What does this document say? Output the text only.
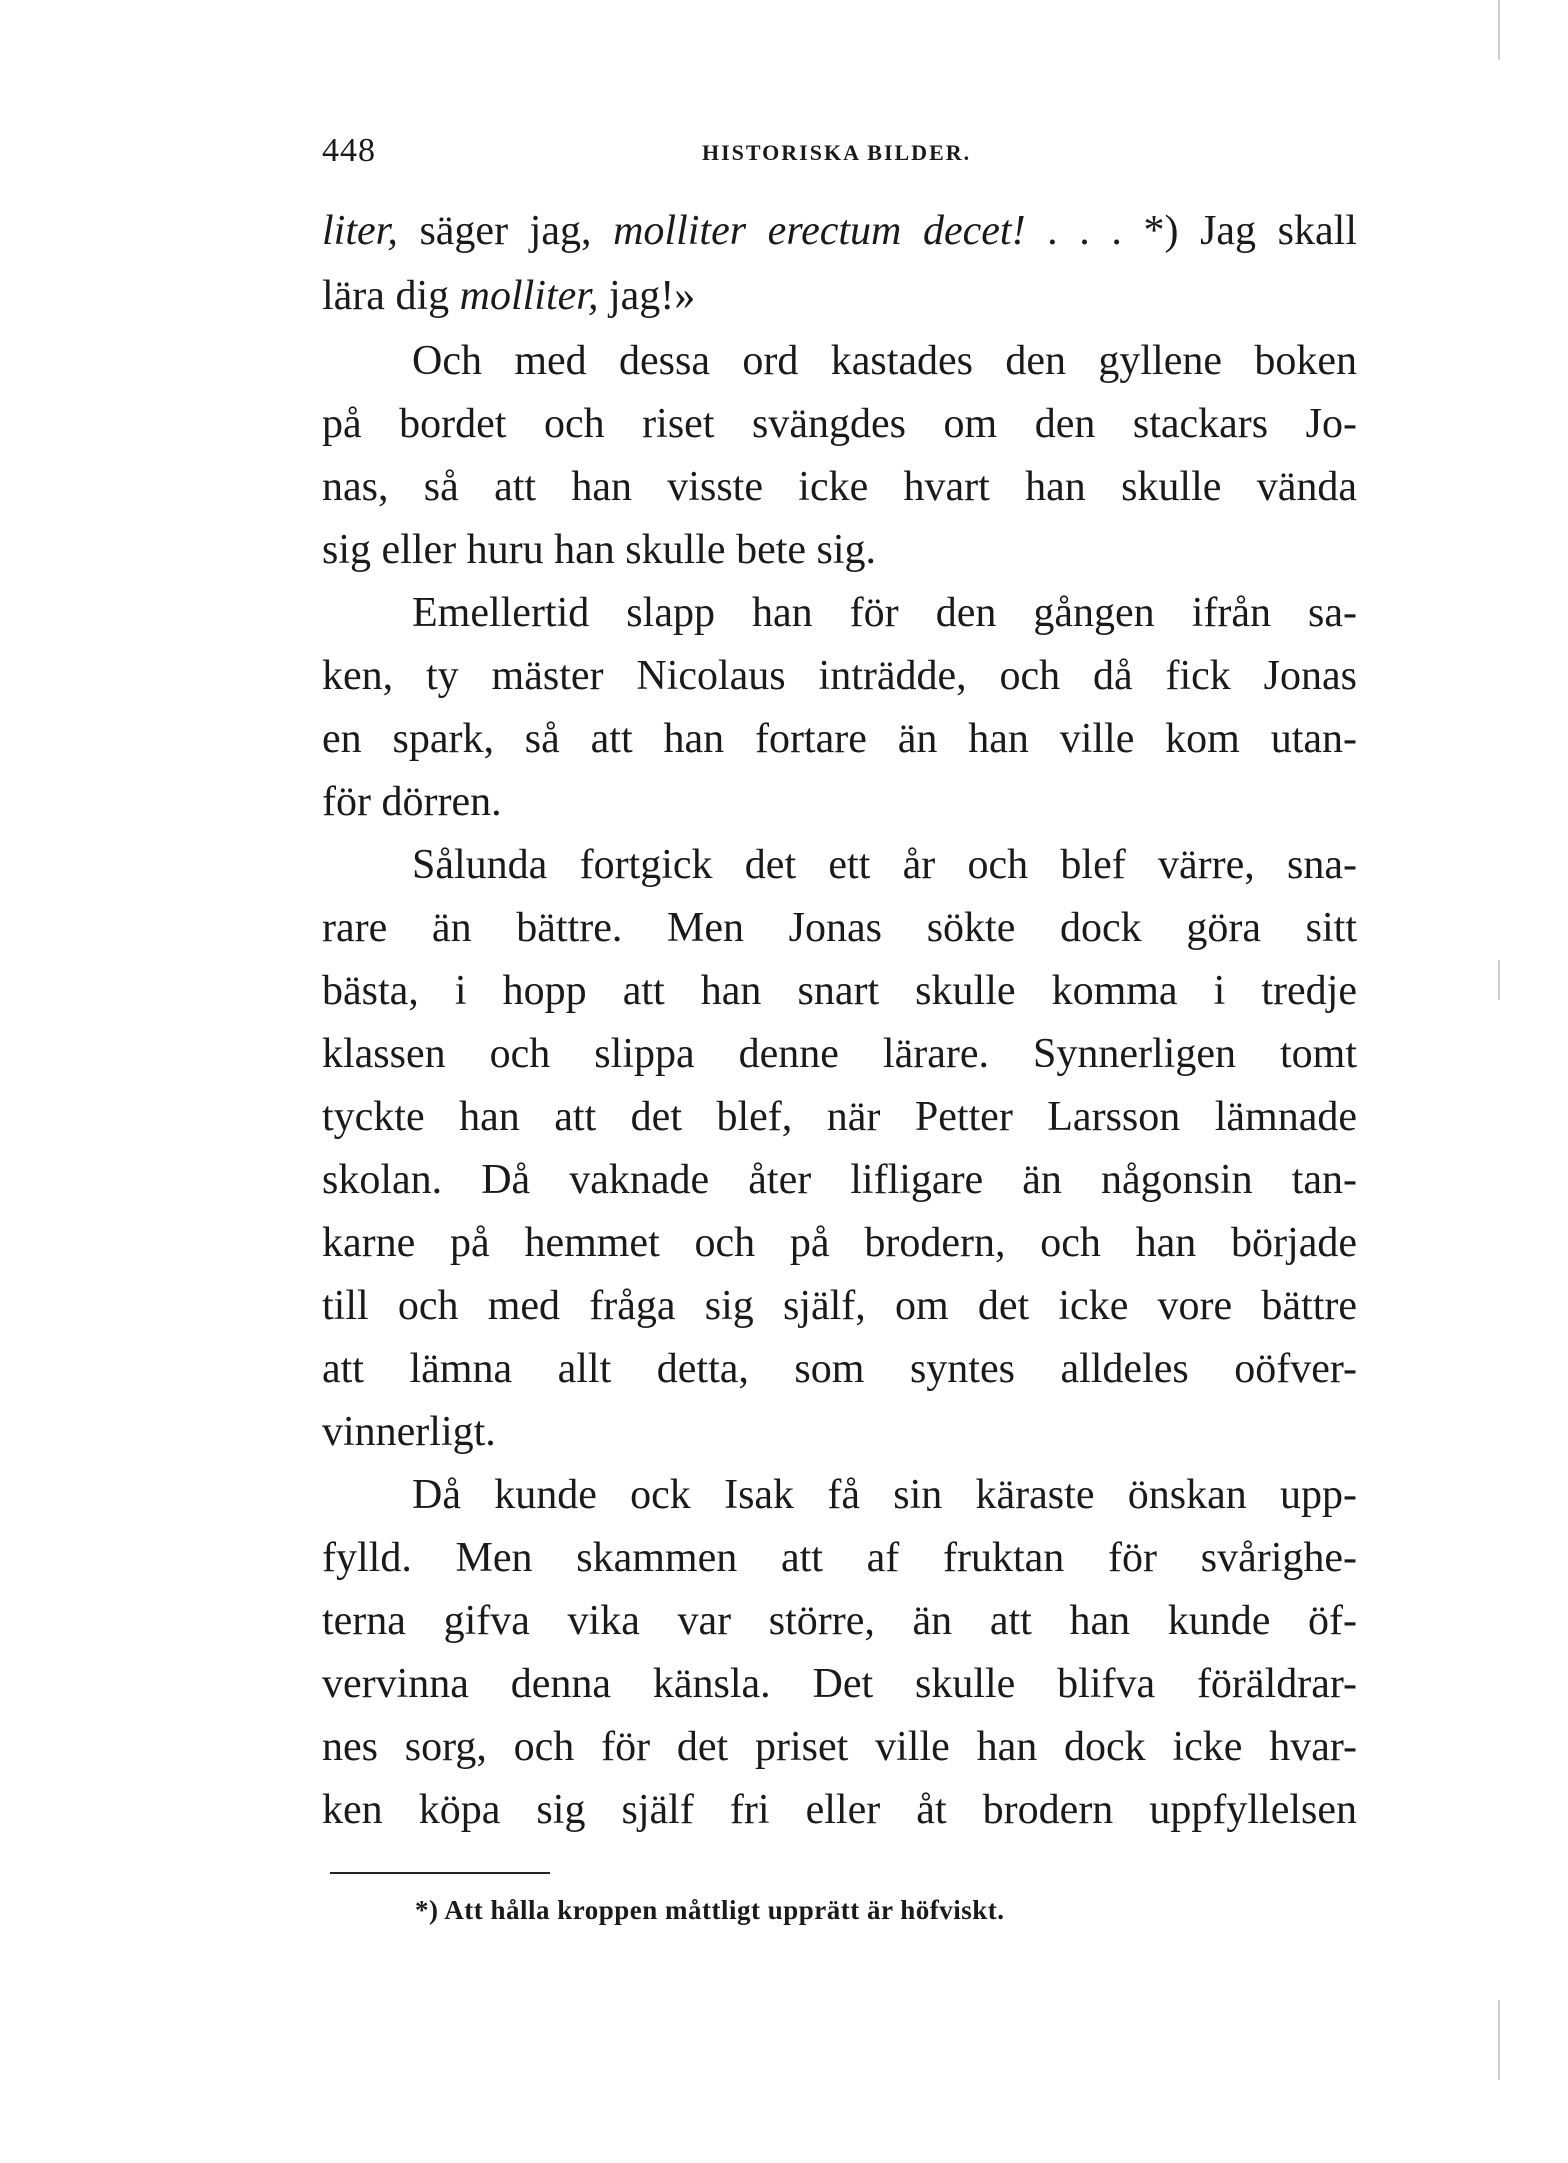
448	HISTORISKA BILDER.
liter, säger jag, molliter erectum decet! . . . *) Jag skall
lära dig molliter, jag!»
Och med dessa ord kastades den gyllene boken
på bordet och riset svängdes om den stackars Jo-
nas, så att han visste icke hvart han skulle vända
sig eller huru han skulle bete sig.
Emellertid slapp han för den gången ifrån sa-
ken, ty mäster Nicolaus inträdde, och då fick Jonas
en spark, så att han fortare än han ville kom utan-
för dörren.
Sålunda fortgick det ett år och blef värre, sna-
rare än bättre. Men Jonas sökte dock göra sitt
bästa, i hopp att han snart skulle komma i tredje
klassen och slippa denne lärare. Synnerligen tomt
tyckte han att det blef, när Petter Larsson lämnade
skolan. Då vaknade åter lifligare än någonsin tan-
karne på hemmet och på brodern, och han började
till och med fråga sig själf, om det icke vore bättre
att lämna allt detta, som syntes alldeles oöfver-
vinnerligt.
Då kunde ock Isak få sin käraste önskan upp-
fylld. Men skammen att af fruktan för svårighe-
terna gifva vika var större, än att han kunde öf-
vervinna denna känsla. Det skulle blifva föräldrar-
nes sorg, och för det priset ville han dock icke hvar-
ken köpa sig själf fri eller åt brodern uppfyllelsen
*) Att hålla kroppen måttligt upprätt är höfviskt.
